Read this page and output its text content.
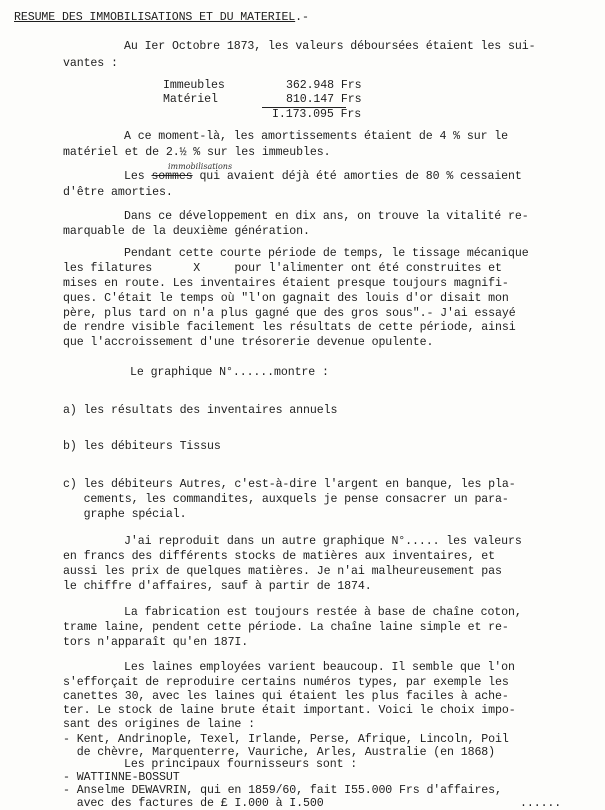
RESUME DES IMMOBILISATIONS ET DU MATERIEL.-
Au Ier Octobre 1873, les valeurs déboursées étaient les sui-
vantes :
Immeubles	362.948 Frs
Matériel	810.147 Frs
I.173.095 Frs
A ce moment-là, les amortissements étaient de 4 % sur le
matériel et de 2.½ % sur les immeubles.
immobilisations
Les sommes qui avaient déjà été amorties de 80 % cessaient
d'être amorties.
Dans ce développement en dix ans, on trouve la vitalité re-
marquable de la deuxième génération.
Pendant cette courte période de temps, le tissage mécanique
les filatures      X     pour l'alimenter ont été construites et
mises en route. Les inventaires étaient presque toujours magnifi-
ques. C'était le temps où "l'on gagnait des louis d'or disait mon
père, plus tard on n'a plus gagné que des gros sous".- J'ai essayé
de rendre visible facilement les résultats de cette période, ainsi
que l'accroissement d'une trésorerie devenue opulente.
Le graphique N°......montre :
a) les résultats des inventaires annuels
b) les débiteurs Tissus
c) les débiteurs Autres, c'est-à-dire l'argent en banque, les pla-
cements, les commandites, auxquels je pense consacrer un para-
graphe spécial.
J'ai reproduit dans un autre graphique N°..... les valeurs
en francs des différents stocks de matières aux inventaires, et
aussi les prix de quelques matières. Je n'ai malheureusement pas
le chiffre d'affaires, sauf à partir de 1874.
La fabrication est toujours restée à base de chaîne coton,
trame laine, pendent cette période. La chaîne laine simple et re-
tors n'apparaît qu'en 187I.
Les laines employées varient beaucoup. Il semble que l'on
s'efforçait de reproduire certains numéros types, par exemple les
canettes 30, avec les laines qui étaient les plus faciles à ache-
ter. Le stock de laine brute était important. Voici le choix impo-
sant des origines de laine :
- Kent, Andrinople, Texel, Irlande, Perse, Afrique, Lincoln, Poil
de chèvre, Marquenterre, Vauriche, Arles, Australie (en 1868)
Les principaux fournisseurs sont :
- WATTINNE-BOSSUT
- Anselme DEWAVRIN, qui en 1859/60, fait I55.000 Frs d'affaires,
avec des factures de £ I.000 à I.500	......
